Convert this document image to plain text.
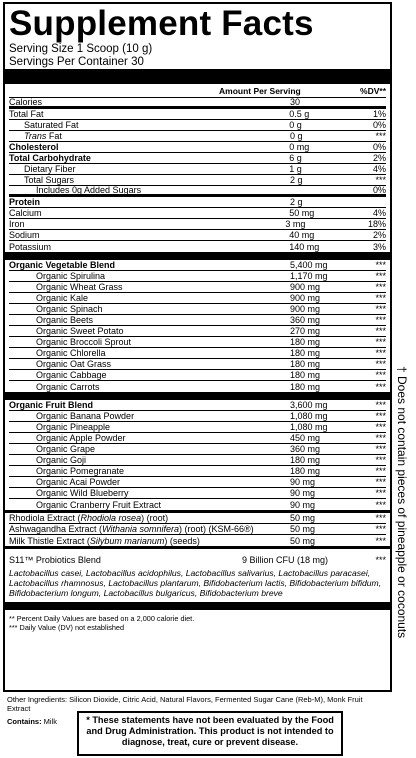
Supplement Facts
Serving Size 1 Scoop (10 g)
Servings Per Container 30
Amount Per Serving	%DV**
Calories	30
Total Fat	0.5 g	1%
Saturated Fat	0 g	0%
Trans Fat	0 g	***
Cholesterol	0 mg	0%
Total Carbohydrate	6 g	2%
Dietary Fiber	1 g	4%
Total Sugars	2 g	***
Includes 0g Added Sugars	0%
Protein	2 g
Calcium	50 mg	4%
Iron	3 mg	18%
Sodium	40 mg	2%
Potassium	140 mg	3%
Organic Vegetable Blend	5,400 mg	***
Organic Spirulina	1,170 mg	***
Organic Wheat Grass	900 mg	***
Organic Kale	900 mg	***
Organic Spinach	900 mg	***
Organic Beets	360 mg	***
Organic Sweet Potato	270 mg	***
Organic Broccoli Sprout	180 mg	***
Organic Chlorella	180 mg	***
Organic Oat Grass	180 mg	***
Organic Cabbage	180 mg	***
Organic Carrots	180 mg	***
Organic Fruit Blend	3,600 mg	***
Organic Banana Powder	1,080 mg	***
Organic Pineapple	1,080 mg	***
Organic Apple Powder	450 mg	***
Organic Grape	360 mg	***
Organic Goji	180 mg	***
Organic Pomegranate	180 mg	***
Organic Acai Powder	90 mg	***
Organic Wild Blueberry	90 mg	***
Organic Cranberry Fruit Extract	90 mg	***
Rhodiola Extract (Rhodiola rosea) (root)	50 mg	***
Ashwagandha Extract (Withania somnifera) (root) (KSM-66®)	50 mg	***
Milk Thistle Extract (Silybum marianum) (seeds)	50 mg	***
S11™ Probiotics Blend	9 Billion CFU (18 mg)	***
Lactobacillus casei, Lactobacillus acidophilus, Lactobacillus salivarius, Lactobacillus paracasei, Lactobacillus rhamnosus, Lactobacillus plantarum, Bifidobacterium lactis, Bifidobacterium bifidum, Bifidobacterium longum, Lactobacillus bulgaricus, Bifidobacterium breve
** Percent Daily Values are based on a 2,000 calorie diet.
*** Daily Value (DV) not established	† Does not contain pieces of pineapple or coconuts
Other Ingredients: Silicon Dioxide, Citric Acid, Natural Flavors, Fermented Sugar Cane (Reb-M), Monk Fruit Extract
Contains: Milk	* These statements have not been evaluated by the Food and Drug Administration. This product is not intended to diagnose, treat, cure or prevent disease.
